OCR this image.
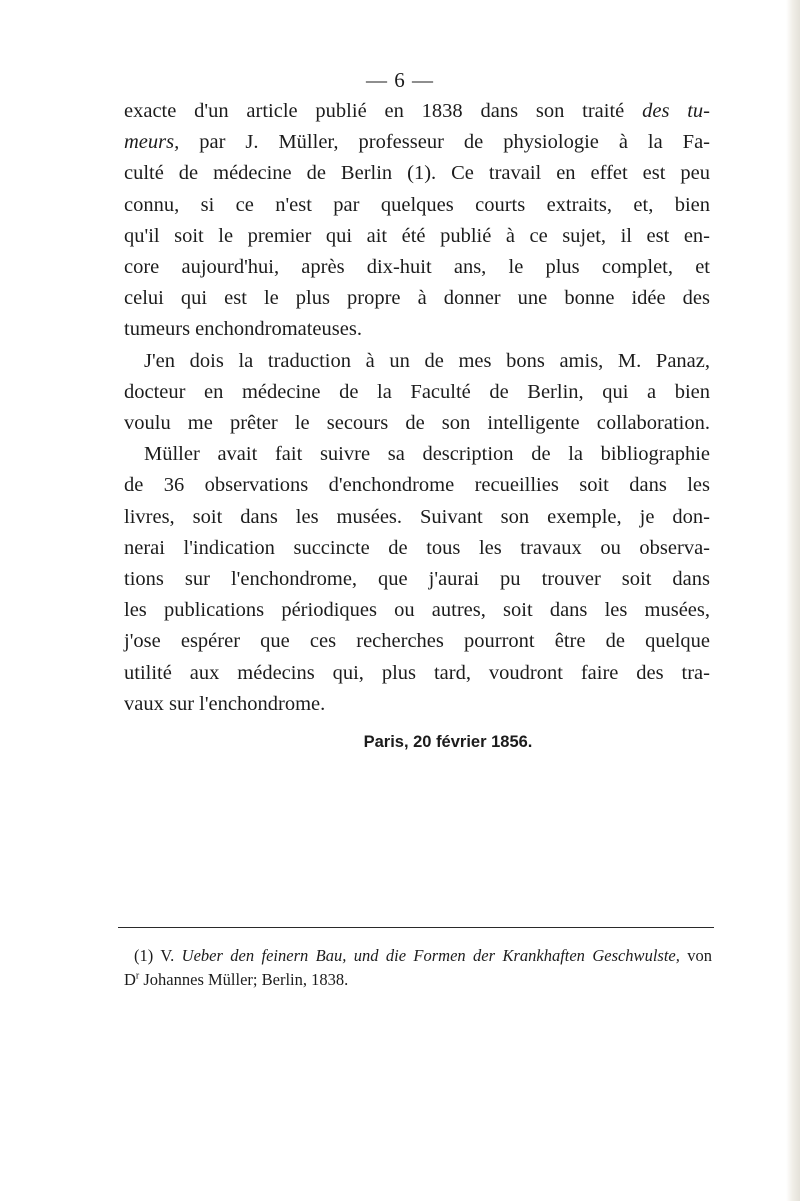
— 6 —

exacte d'un article publié en 1838 dans son traité des tu-
meurs, par J. Müller, professeur de physiologie à la Fa-
culté de médecine de Berlin (1). Ce travail en effet est peu
connu, si ce n'est par quelques courts extraits, et, bien
qu'il soit le premier qui ait été publié à ce sujet, il est en-
core aujourd'hui, après dix-huit ans, le plus complet, et
celui qui est le plus propre à donner une bonne idée des
tumeurs enchondromateuses.

J'en dois la traduction à un de mes bons amis, M. Panaz,
docteur en médecine de la Faculté de Berlin, qui a bien
voulu me prêter le secours de son intelligente collaboration.

Müller avait fait suivre sa description de la bibliographie
de 36 observations d'enchondrome recueillies soit dans les
livres, soit dans les musées. Suivant son exemple, je don-
nerai l'indication succincte de tous les travaux ou observa-
tions sur l'enchondrome, que j'aurai pu trouver soit dans
les publications périodiques ou autres, soit dans les musées,
j'ose espérer que ces recherches pourront être de quelque
utilité aux médecins qui, plus tard, voudront faire des tra-
vaux sur l'enchondrome.

Paris, 20 février 1856.
(1) V. Ueber den feinern Bau, und die Formen der Krankhaften Geschwulste, von
$D^r$ Johannes Müller; Berlin, 1838.
